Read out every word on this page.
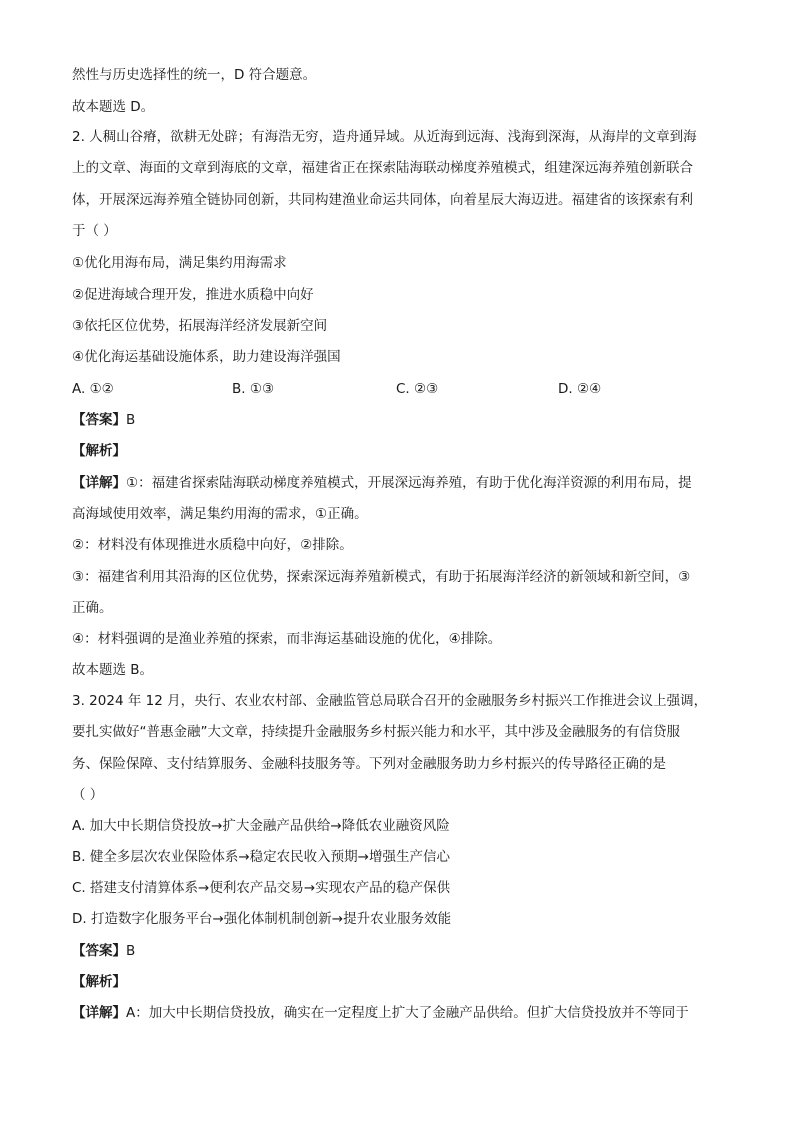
然性与历史选择性的统一，D 符合题意。
故本题选 D。
2. 人稠山谷瘠，欲耕无处辟；有海浩无穷，造舟通异域。从近海到远海、浅海到深海，从海岸的文章到海
上的文章、海面的文章到海底的文章，福建省正在探索陆海联动梯度养殖模式，组建深远海养殖创新联合
体，开展深远海养殖全链协同创新，共同构建渔业命运共同体，向着星辰大海迈进。福建省的该探索有利
于（ ）
①优化用海布局，满足集约用海需求
②促进海域合理开发，推进水质稳中向好
③依托区位优势，拓展海洋经济发展新空间
④优化海运基础设施体系，助力建设海洋强国
A. ①②	B. ①③	C. ②③	D. ②④
【答案】B
【解析】
【详解】①：福建省探索陆海联动梯度养殖模式，开展深远海养殖，有助于优化海洋资源的利用布局，提
高海域使用效率，满足集约用海的需求，①正确。
②：材料没有体现推进水质稳中向好，②排除。
③：福建省利用其沿海的区位优势，探索深远海养殖新模式，有助于拓展海洋经济的新领域和新空间，③
正确。
④：材料强调的是渔业养殖的探索，而非海运基础设施的优化，④排除。
故本题选 B。
3. 2024 年 12 月，央行、农业农村部、金融监管总局联合召开的金融服务乡村振兴工作推进会议上强调，
要扎实做好“普惠金融”大文章，持续提升金融服务乡村振兴能力和水平，其中涉及金融服务的有信贷服
务、保险保障、支付结算服务、金融科技服务等。下列对金融服务助力乡村振兴的传导路径正确的是
（ ）
A. 加大中长期信贷投放→扩大金融产品供给→降低农业融资风险
B. 健全多层次农业保险体系→稳定农民收入预期→增强生产信心
C. 搭建支付清算体系→便利农产品交易→实现农产品的稳产保供
D. 打造数字化服务平台→强化体制机制创新→提升农业服务效能
【答案】B
【解析】
【详解】A：加大中长期信贷投放，确实在一定程度上扩大了金融产品供给。但扩大信贷投放并不等同于
